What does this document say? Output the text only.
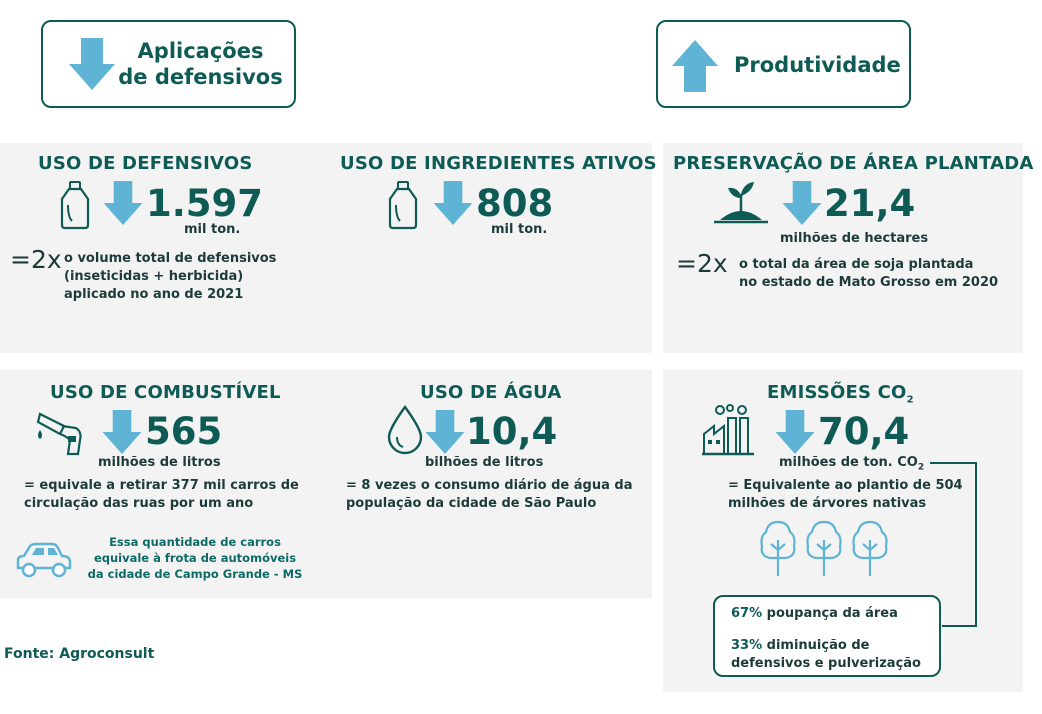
Aplicações
de defensivos	Produtividade
USO DE DEFENSIVOS
1.597
mil ton.
=2x o volume total de defensivos
(inseticidas + herbicida)
aplicado no ano de 2021
USO DE INGREDIENTES ATIVOS
808
mil ton.
PRESERVAÇÃO DE ÁREA PLANTADA
21,4
milhões de hectares
=2x o total da área de soja plantada
no estado de Mato Grosso em 2020
USO DE COMBUSTÍVEL
565
milhões de litros
= equivale a retirar 377 mil carros de
circulação das ruas por um ano
Essa quantidade de carros
equivale à frota de automóveis
da cidade de Campo Grande - MS
USO DE ÁGUA
10,4
bilhões de litros
= 8 vezes o consumo diário de água da
população da cidade de São Paulo
EMISSÕES $CO_2$
70,4
milhões de ton. $CO_2$
= Equivalente ao plantio de 504
milhões de árvores nativas
67% poupança da área
33% diminuição de
defensivos e pulverização
Fonte: Agroconsult
